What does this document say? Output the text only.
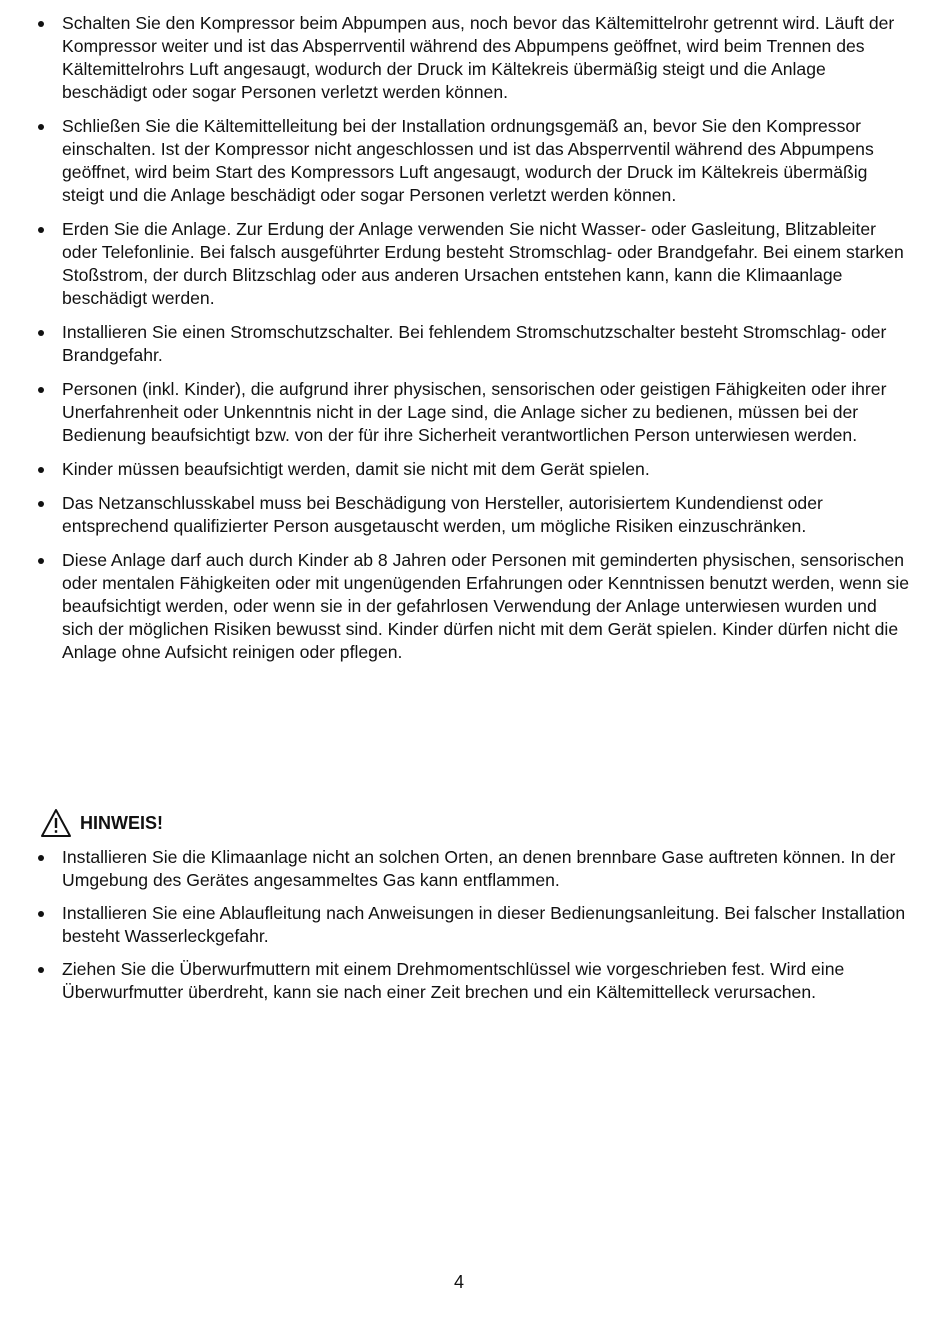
Schalten Sie den Kompressor beim Abpumpen aus, noch bevor das Kältemittelrohr getrennt wird. Läuft der Kompressor weiter und ist das Absperrventil während des Abpumpens geöffnet, wird beim Trennen des Kältemittelrohrs Luft angesaugt, wodurch der Druck im Kältekreis übermäßig steigt und die Anlage beschädigt oder sogar Personen verletzt werden können.
Schließen Sie die Kältemittelleitung bei der Installation ordnungsgemäß an, bevor Sie den Kompressor einschalten. Ist der Kompressor nicht angeschlossen und ist das Absperrventil während des Abpumpens geöffnet, wird beim Start des Kompressors Luft angesaugt, wodurch der Druck im Kältekreis übermäßig steigt und die Anlage beschädigt oder sogar Personen verletzt werden können.
Erden Sie die Anlage. Zur Erdung der Anlage verwenden Sie nicht Wasser- oder Gasleitung, Blitzableiter oder Telefonlinie. Bei falsch ausgeführter Erdung besteht Stromschlag- oder Brandgefahr. Bei einem starken Stoßstrom, der durch Blitzschlag oder aus anderen Ursachen entstehen kann, kann die Klimaanlage beschädigt werden.
Installieren Sie einen Stromschutzschalter. Bei fehlendem Stromschutzschalter besteht Stromschlag- oder Brandgefahr.
Personen (inkl. Kinder), die aufgrund ihrer physischen, sensorischen oder geistigen Fähigkeiten oder ihrer Unerfahrenheit oder Unkenntnis nicht in der Lage sind, die Anlage sicher zu bedienen, müssen bei der Bedienung beaufsichtigt bzw. von der für ihre Sicherheit verantwortlichen Person unterwiesen werden.
Kinder müssen beaufsichtigt werden, damit sie nicht mit dem Gerät spielen.
Das Netzanschlusskabel muss bei Beschädigung von Hersteller, autorisiertem Kundendienst oder entsprechend qualifizierter Person ausgetauscht werden, um mögliche Risiken einzuschränken.
Diese Anlage darf auch durch Kinder ab 8 Jahren oder Personen mit geminderten physischen, sensorischen oder mentalen Fähigkeiten oder mit ungenügenden Erfahrungen oder Kenntnissen benutzt werden, wenn sie beaufsichtigt werden, oder wenn sie in der gefahrlosen Verwendung der Anlage unterwiesen wurden und sich der möglichen Risiken bewusst sind. Kinder dürfen nicht mit dem Gerät spielen. Kinder dürfen nicht die Anlage ohne Aufsicht reinigen oder pflegen.
HINWEIS!
Installieren Sie die Klimaanlage nicht an solchen Orten, an denen brennbare Gase auftreten können. In der Umgebung des Gerätes angesammeltes Gas kann entflammen.
Installieren Sie eine Ablaufleitung nach Anweisungen in dieser Bedienungsanleitung. Bei falscher Installation besteht Wasserleckgefahr.
Ziehen Sie die Überwurfmuttern mit einem Drehmomentschlüssel wie vorgeschrieben fest. Wird eine Überwurfmutter überdreht, kann sie nach einer Zeit brechen und ein Kältemittelleck verursachen.
4
